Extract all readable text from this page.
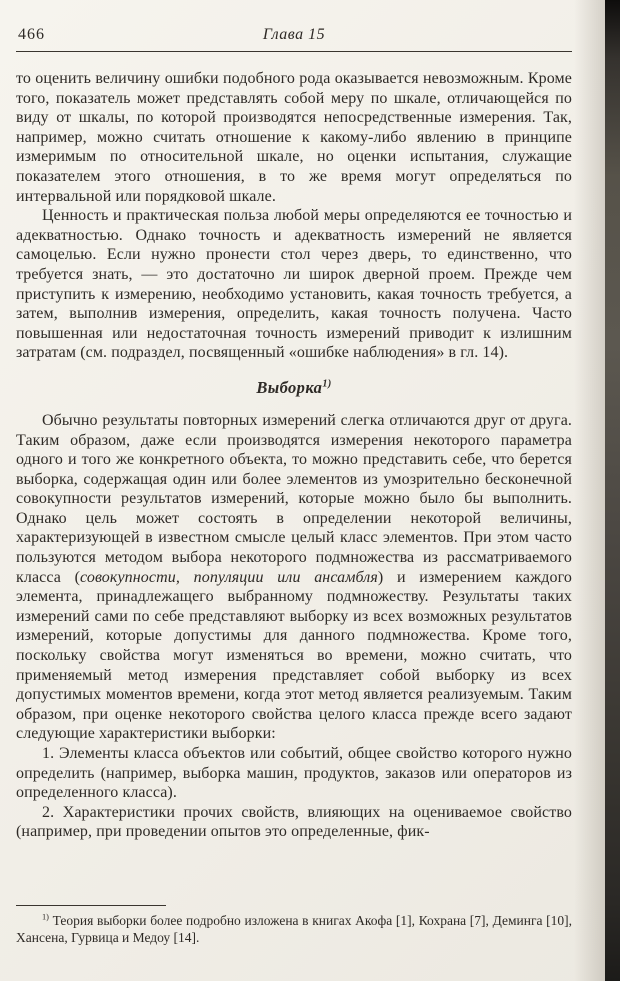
466	Глава 15

то оценить величину ошибки подобного рода оказывается невозможным. Кроме того, показатель может представлять собой меру по шкале, отличающейся по виду от шкалы, по которой производятся непосредственные измерения. Так, например, можно считать отношение к какому-либо явлению в принципе измеримым по относительной шкале, но оценки испытания, служащие показателем этого отношения, в то же время могут определяться по интервальной или порядковой шкале.

Ценность и практическая польза любой меры определяются ее точностью и адекватностью. Однако точность и адекватность измерений не является самоцелью. Если нужно пронести стол через дверь, то единственно, что требуется знать, — это достаточно ли широк дверной проем. Прежде чем приступить к измерению, необходимо установить, какая точность требуется, а затем, выполнив измерения, определить, какая точность получена. Часто повышенная или недостаточная точность измерений приводит к излишним затратам (см. подраздел, посвященный «ошибке наблюдения» в гл. 14).

Выборка$^{1)}$

Обычно результаты повторных измерений слегка отличаются друг от друга. Таким образом, даже если производятся измерения некоторого параметра одного и того же конкретного объекта, то можно представить себе, что берется выборка, содержащая один или более элементов из умозрительно бесконечной совокупности результатов измерений, которые можно было бы выполнить. Однако цель может состоять в определении некоторой величины, характеризующей в известном смысле целый класс элементов. При этом часто пользуются методом выбора некоторого подмножества из рассматриваемого класса (совокупности, популяции или ансамбля) и измерением каждого элемента, принадлежащего выбранному подмножеству. Результаты таких измерений сами по себе представляют выборку из всех возможных результатов измерений, которые допустимы для данного подмножества. Кроме того, поскольку свойства могут изменяться во времени, можно считать, что применяемый метод измерения представляет собой выборку из всех допустимых моментов времени, когда этот метод является реализуемым. Таким образом, при оценке некоторого свойства целого класса прежде всего задают следующие характеристики выборки:

1. Элементы класса объектов или событий, общее свойство которого нужно определить (например, выборка машин, продуктов, заказов или операторов из определенного класса).

2. Характеристики прочих свойств, влияющих на оцениваемое свойство (например, при проведении опытов это определенные, фик-

$^{1)}$ Теория выборки более подробно изложена в книгах Акофа [1], Кохрана [7], Деминга [10], Хансена, Гурвица и Медоу [14].
